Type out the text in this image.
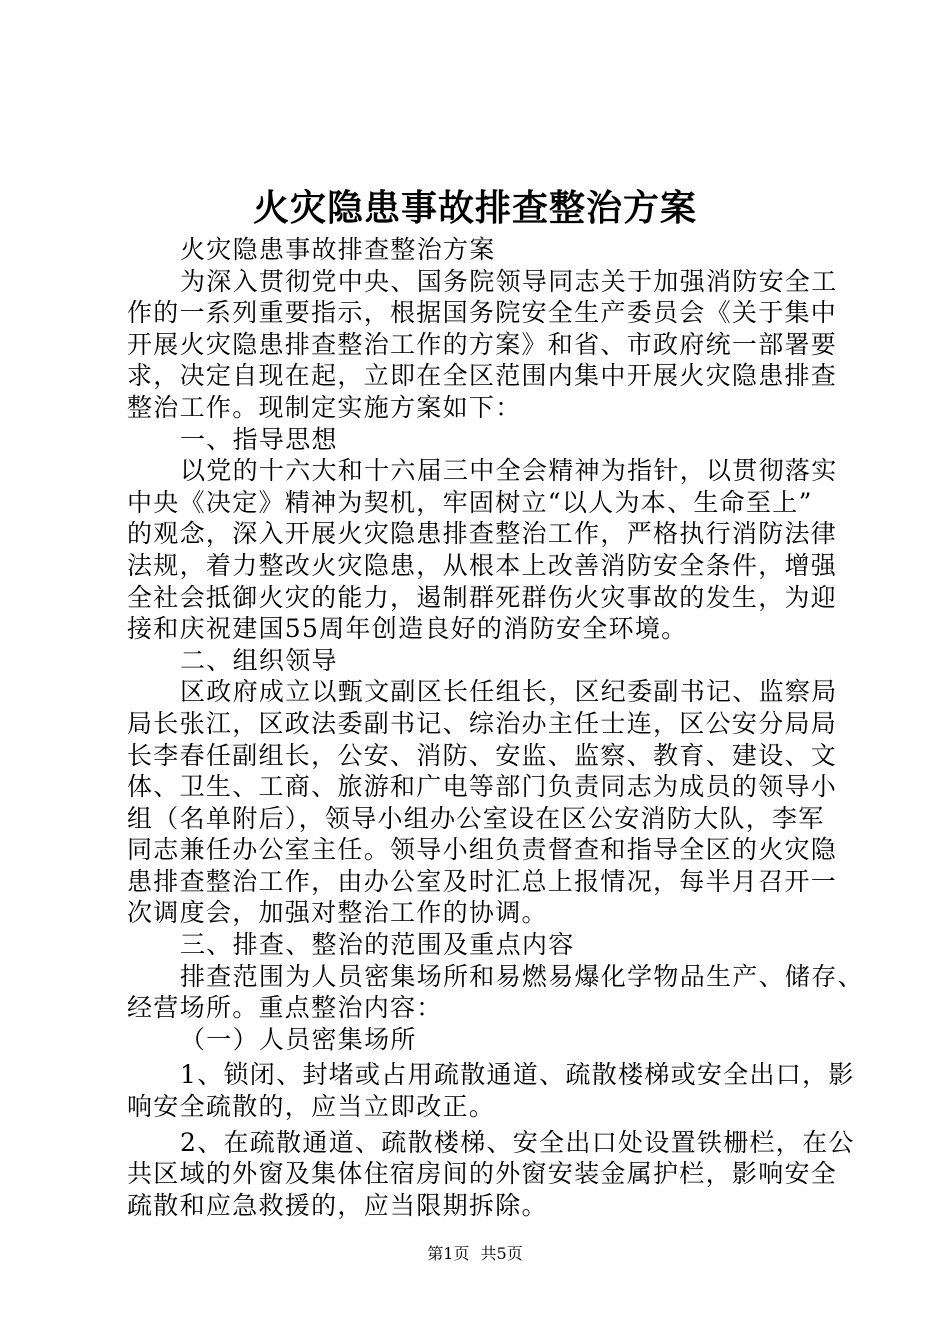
火灾隐患事故排查整治方案

火灾隐患事故排查整治方案

为深入贯彻党中央、国务院领导同志关于加强消防安全工

作的一系列重要指示，根据国务院安全生产委员会《关于集中

开展火灾隐患排查整治工作的方案》和省、市政府统一部署要

求，决定自现在起，立即在全区范围内集中开展火灾隐患排查

整治工作。现制定实施方案如下：

一、指导思想

以党的十六大和十六届三中全会精神为指针，以贯彻落实

中央《决定》精神为契机，牢固树立“以人为本、生命至上”

的观念，深入开展火灾隐患排查整治工作，严格执行消防法律

法规，着力整改火灾隐患，从根本上改善消防安全条件，增强

全社会抵御火灾的能力，遏制群死群伤火灾事故的发生，为迎

接和庆祝建国55周年创造良好的消防安全环境。

二、组织领导

区政府成立以甄文副区长任组长，区纪委副书记、监察局

局长张江，区政法委副书记、综治办主任士连，区公安分局局

长李春任副组长，公安、消防、安监、监察、教育、建设、文

体、卫生、工商、旅游和广电等部门负责同志为成员的领导小

组（名单附后），领导小组办公室设在区公安消防大队，李军

同志兼任办公室主任。领导小组负责督查和指导全区的火灾隐

患排查整治工作，由办公室及时汇总上报情况，每半月召开一

次调度会，加强对整治工作的协调。

三、排查、整治的范围及重点内容

排查范围为人员密集场所和易燃易爆化学物品生产、储存、

经营场所。重点整治内容：

（一）人员密集场所

1、锁闭、封堵或占用疏散通道、疏散楼梯或安全出口，影

响安全疏散的，应当立即改正。

2、在疏散通道、疏散楼梯、安全出口处设置铁栅栏，在公

共区域的外窗及集体住宿房间的外窗安装金属护栏，影响安全

疏散和应急救援的，应当限期拆除。

第1页 共5页
